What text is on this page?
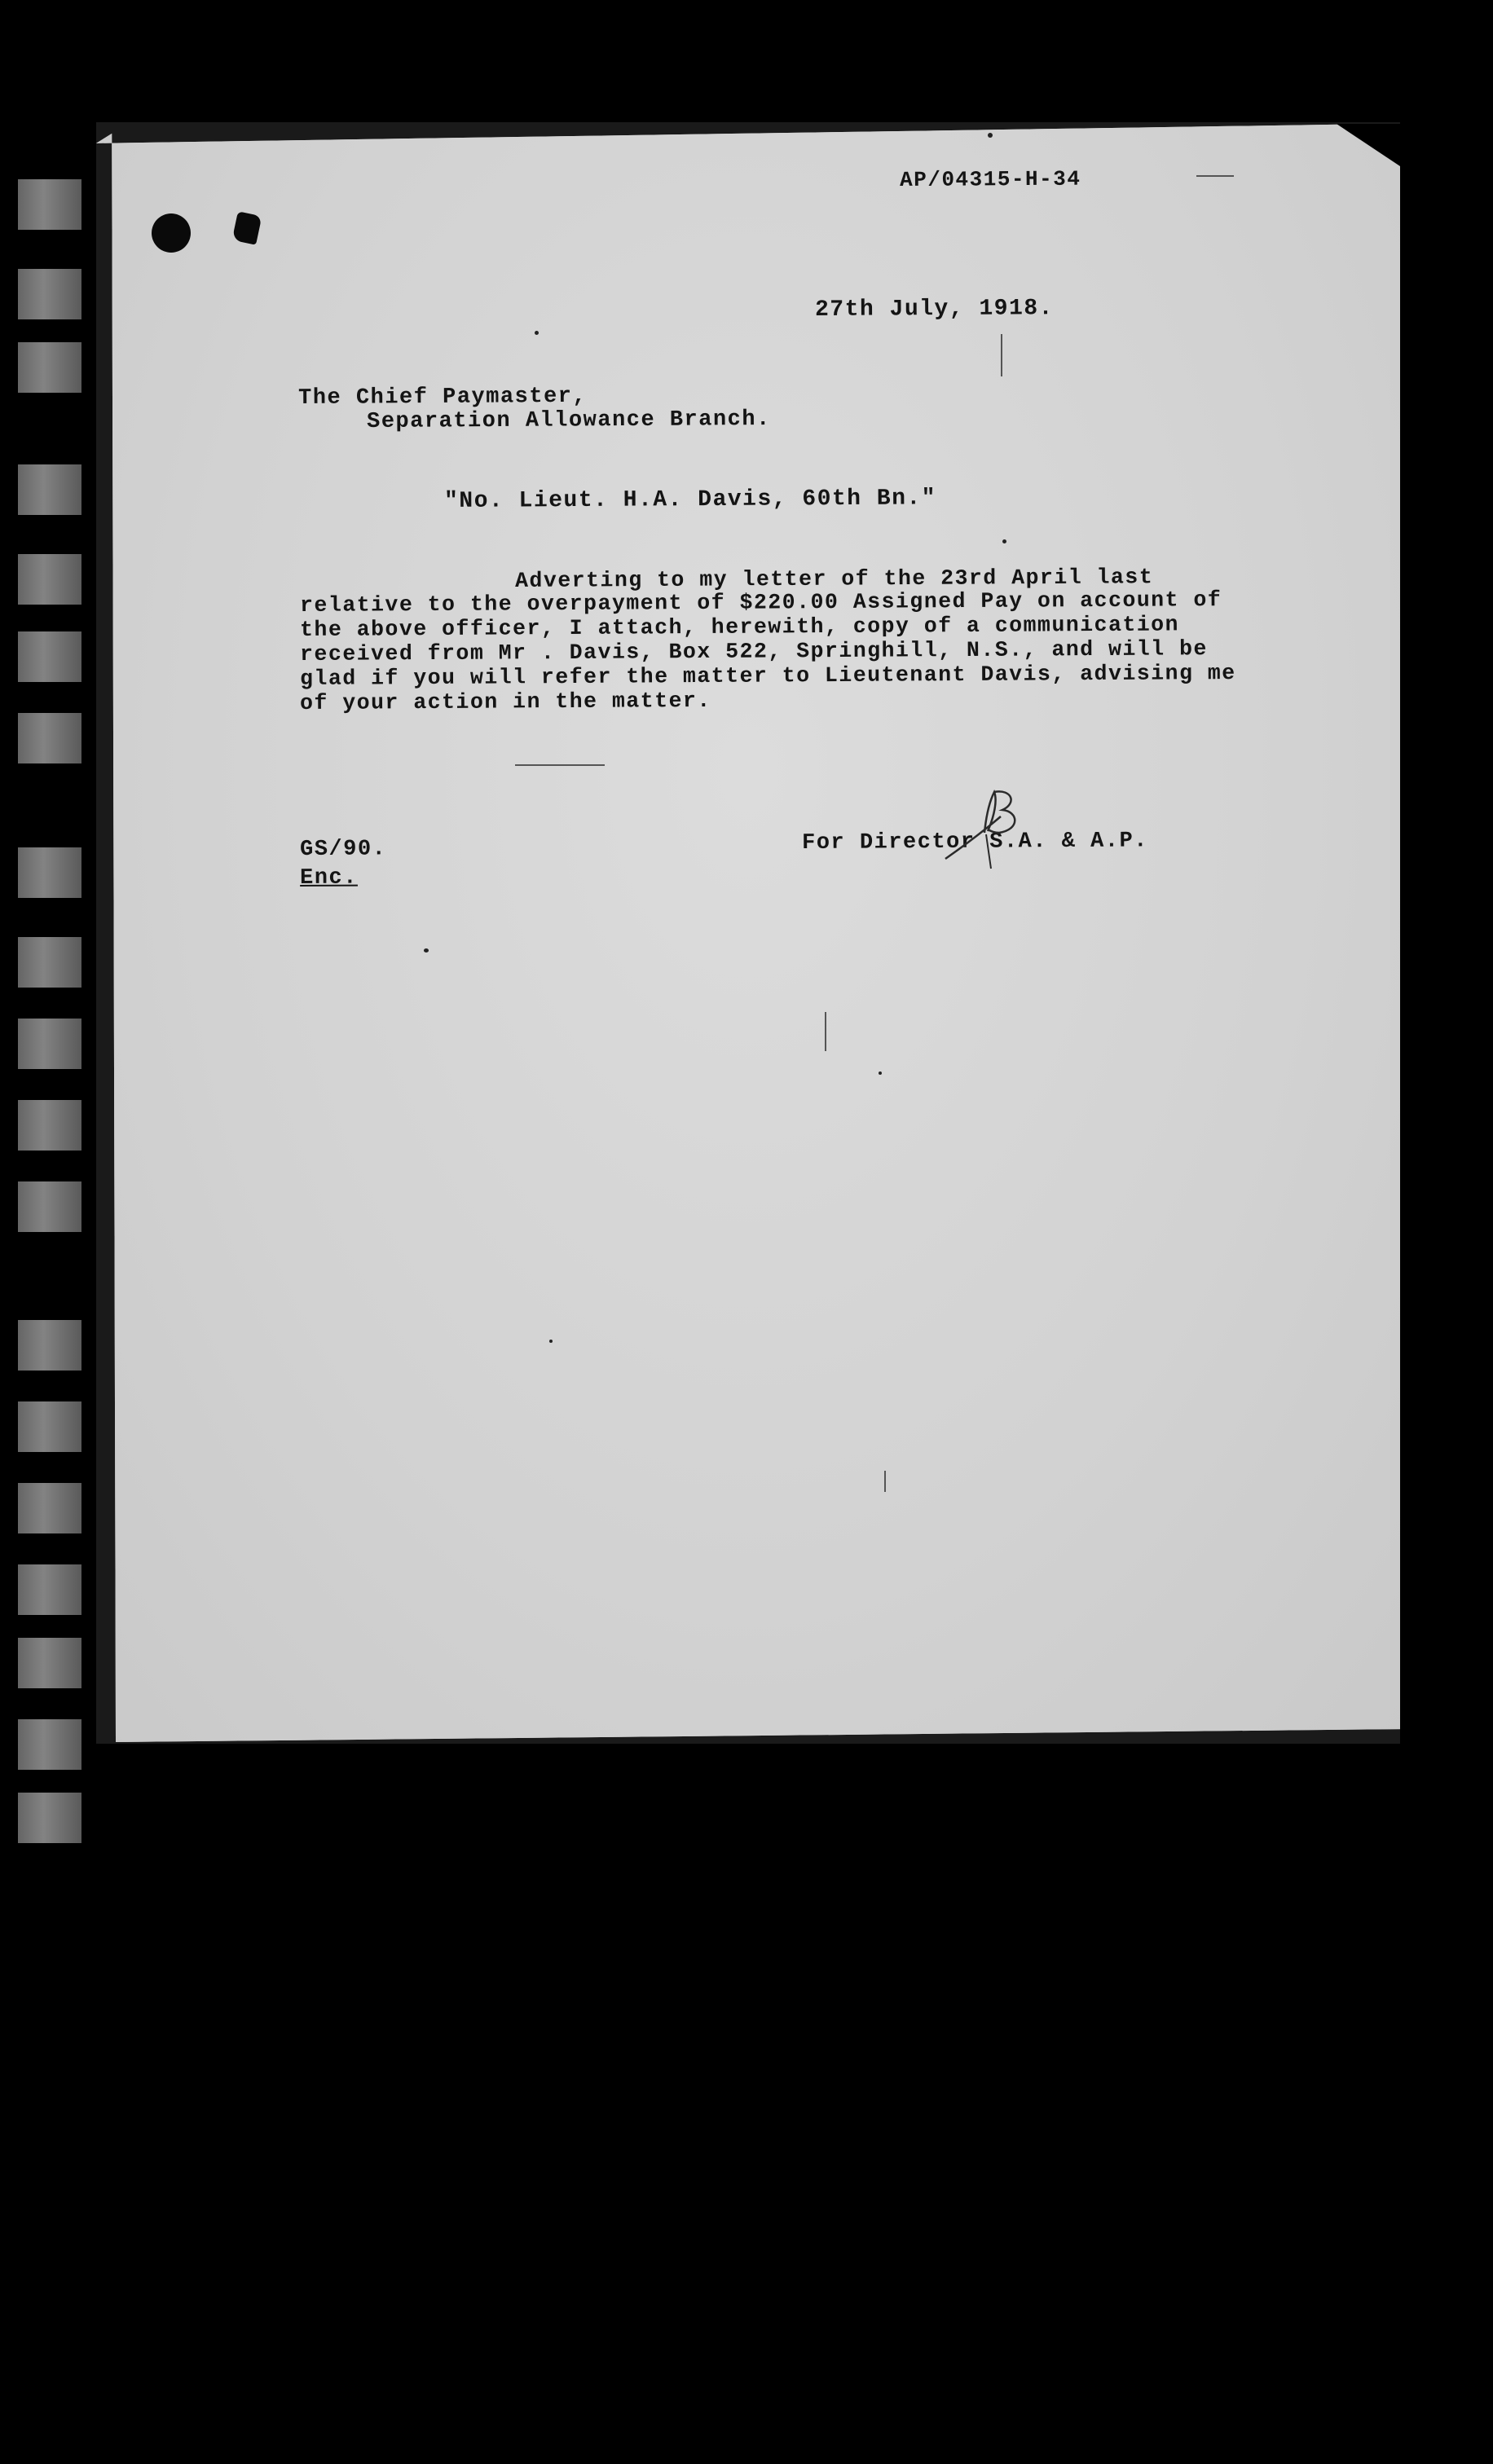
AP/04315-H-34
27th July, 1918.
The Chief Paymaster,
Separation Allowance Branch.
"No. Lieut. H.A. Davis, 60th Bn."
Adverting to my letter of the 23rd April last
relative to the overpayment of $220.00 Assigned Pay on account of
the above officer, I attach, herewith, copy of a communication
received from Mr . Davis, Box 522, Springhill, N.S., and will be
glad if you will refer the matter to Lieutenant Davis, advising me
of your action in the matter.
GS/90.
Enc.
For Director S.A. & A.P.
